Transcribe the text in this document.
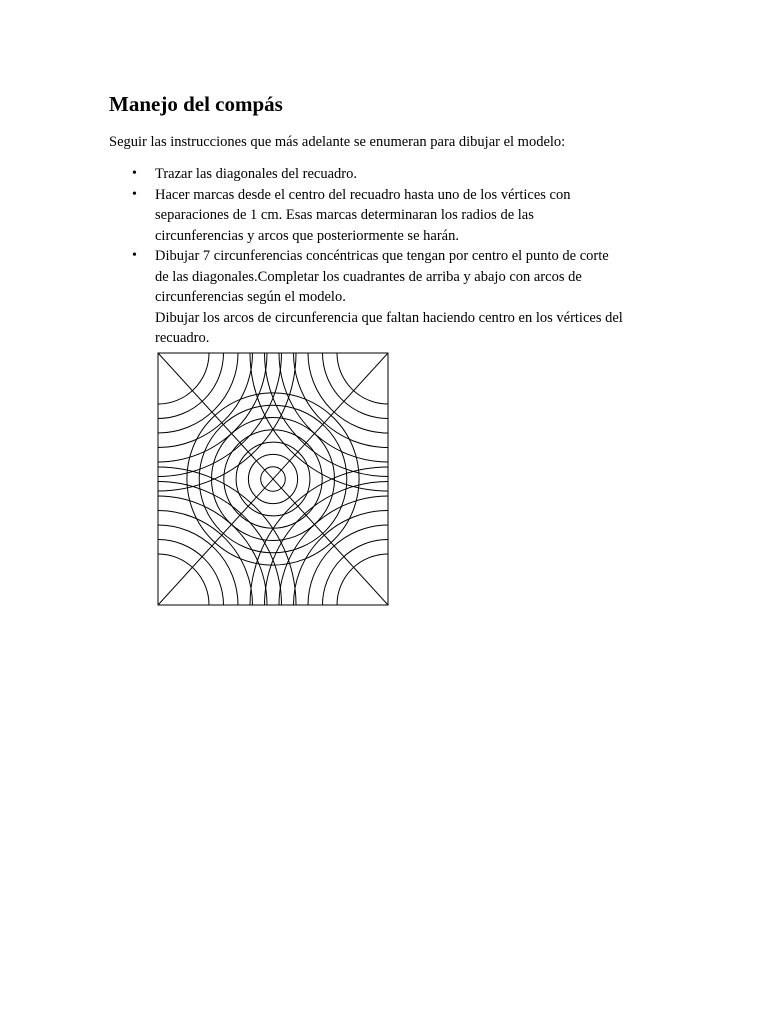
Manejo del compás

Seguir las instrucciones que más adelante se enumeran para dibujar el modelo:

• Trazar las diagonales del recuadro.
• Hacer marcas desde el centro del recuadro hasta uno de los vértices con
separaciones de 1 cm. Esas marcas determinaran los radios de las
circunferencias y arcos que posteriormente se harán.
• Dibujar 7 circunferencias concéntricas que tengan por centro el punto de corte
de las diagonales.Completar los cuadrantes de arriba y abajo con arcos de
circunferencias según el modelo.
Dibujar los arcos de circunferencia que faltan haciendo centro en los vértices del
recuadro.
